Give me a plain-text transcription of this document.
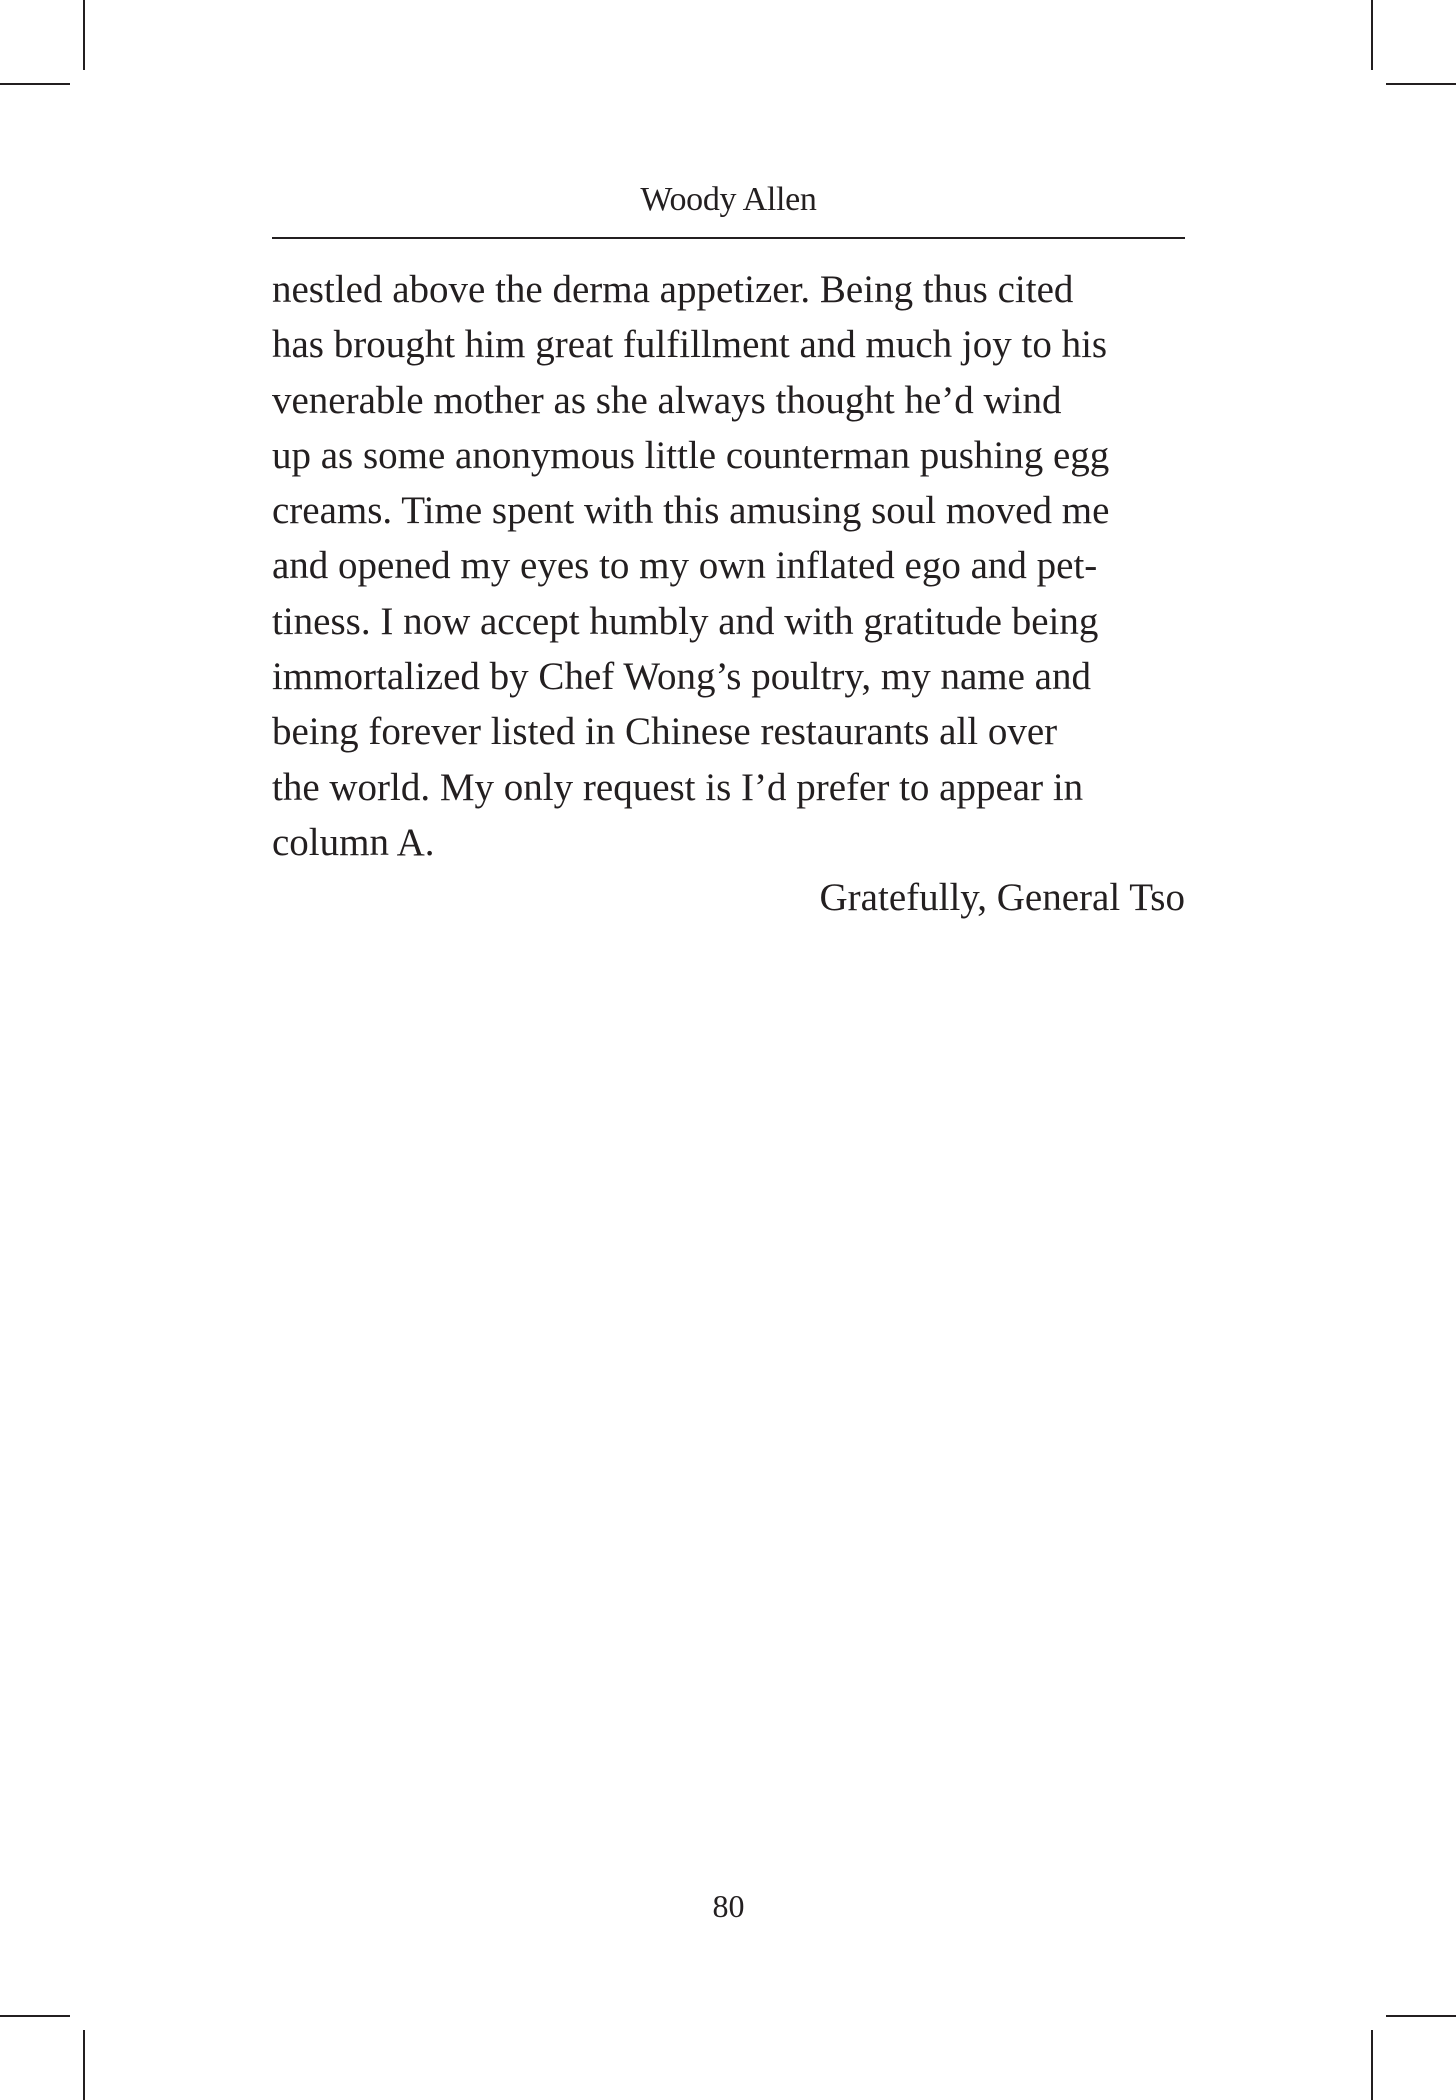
Woody Allen
nestled above the derma appetizer. Being thus cited
has brought him great fulfillment and much joy to his
venerable mother as she always thought he’d wind
up as some anonymous little counterman pushing egg
creams. Time spent with this amusing soul moved me
and opened my eyes to my own inflated ego and pet-
tiness. I now accept humbly and with gratitude being
immortalized by Chef Wong’s poultry, my name and
being forever listed in Chinese restaurants all over
the world. My only request is I’d prefer to appear in
column A.
Gratefully, General Tso
80
